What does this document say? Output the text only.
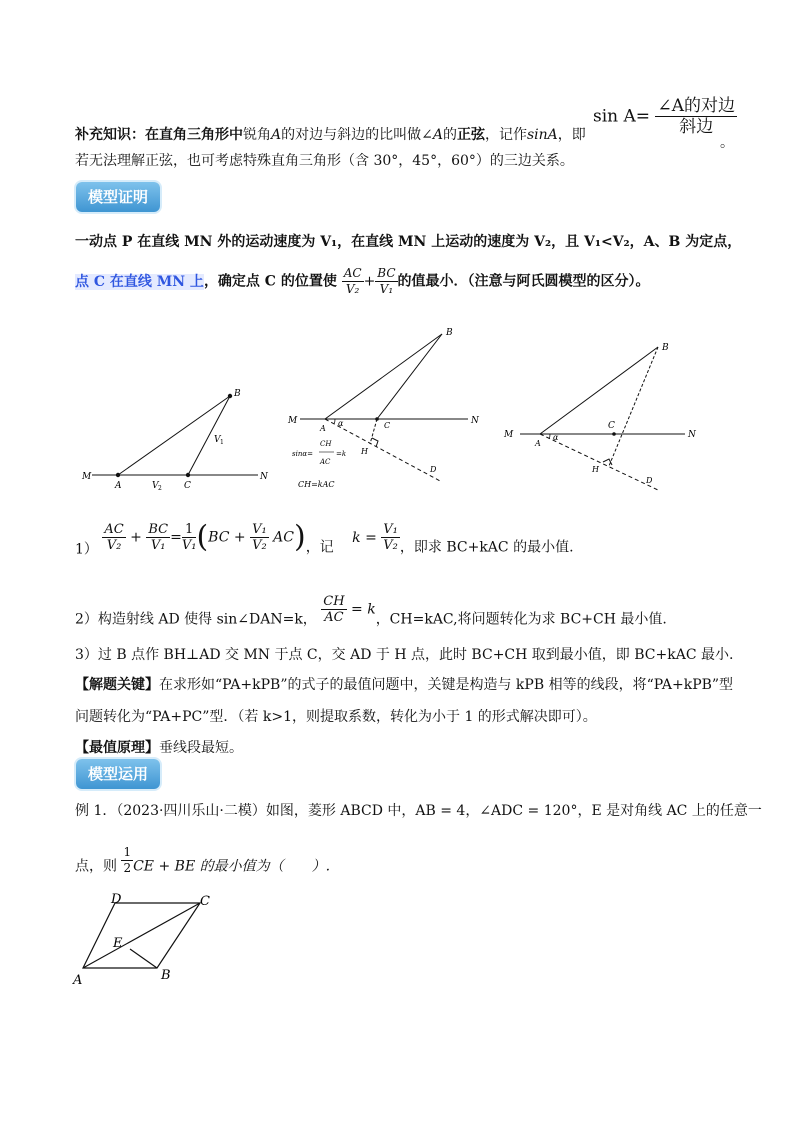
$\sin A= \frac{\text{∠A的对边}}{\text{斜边}}$
补充知识：在直角三角形中锐角A的对边与斜边的比叫做∠A的正弦，记作sinA，即	。
若无法理解正弦，也可考虑特殊直角三角形（含 30°，45°，60°）的三边关系。
模型证明
一动点 P 在直线 MN 外的运动速度为 V₁，在直线 MN 上运动的速度为 V₂，且 V₁<V₂，A、B 为定点，
点 C 在直线 MN 上，确定点 C 的位置使 $\frac{AC}{\text{V₂}} + \frac{BC}{\text{V₁}}$ 的值最小．（注意与阿氏圆模型的区分）。
B
V 1
M
A	V 2 C
N
B
M	N
A
α	C
H
D
sinα=
CH
AC
=k
CH=kAC
B
M	N
A
α
C
H
D
$1) \frac{AC}{\text{V₂}} + \frac{BC}{\text{V₁}} = \frac{1}{\text{V₁}} (BC + \frac{\text{V₁}}{\text{V₂}} AC)$，记 $k = \frac{\text{V₁}}{\text{V₂}}$ ，即求 BC+kAC 的最小值.
2）构造射线 AD 使得 sin∠DAN=k， $\frac{CH}{AC} = k$，CH=kAC,将问题转化为求 BC+CH 最小值.
3）过 B 点作 BH⊥AD 交 MN 于点 C，交 AD 于 H 点，此时 BC+CH 取到最小值，即 BC+kAC 最小.
【解题关键】在求形如“PA+kPB”的式子的最值问题中，关键是构造与 kPB 相等的线段，将“PA+kPB”型
问题转化为“PA+PC”型．（若 k>1，则提取系数，转化为小于 1 的形式解决即可）。
【最值原理】垂线段最短。
模型运用
例 1．（2023·四川乐山·二模）如图，菱形 ABCD 中，AB = 4，∠ADC = 120°，E 是对角线 AC 上的任意一
点，则 $\frac{1}{2}$ CE + BE 的最小值为（　　）.
D	C
E
A	B
